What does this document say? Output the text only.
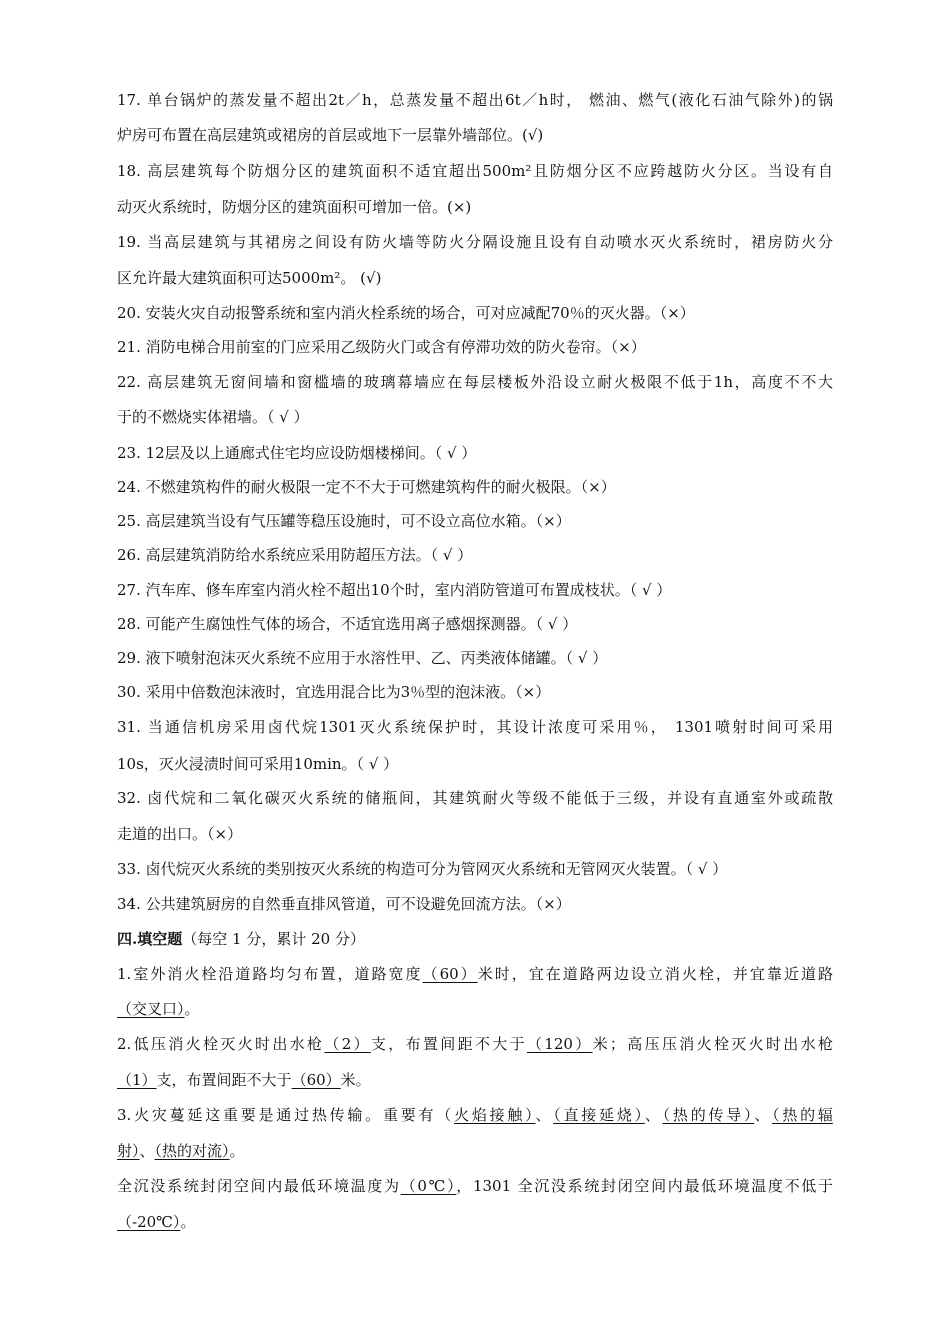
17. 单台锅炉的蒸发量不超出2t／h，总蒸发量不超出6t／h时， 燃油、燃气(液化石油气除外)的锅
炉房可布置在高层建筑或裙房的首层或地下一层靠外墙部位。(√)
18. 高层建筑每个防烟分区的建筑面积不适宜超出500m²且防烟分区不应跨越防火分区。当设有自
动灭火系统时，防烟分区的建筑面积可增加一倍。(×)
19. 当高层建筑与其裙房之间设有防火墙等防火分隔设施且设有自动喷水灭火系统时，裙房防火分
区允许最大建筑面积可达5000m²。 (√)
20. 安装火灾自动报警系统和室内消火栓系统的场合，可对应减配70％的灭火器。（×）
21. 消防电梯合用前室的门应采用乙级防火门或含有停滞功效的防火卷帘。（×）
22. 高层建筑无窗间墙和窗槛墙的玻璃幕墙应在每层楼板外沿设立耐火极限不低于1h，高度不不大
于的不燃烧实体裙墙。（ √ ）
23. 12层及以上通廊式住宅均应设防烟楼梯间。（ √ ）
24. 不燃建筑构件的耐火极限一定不不大于可燃建筑构件的耐火极限。（×）
25. 高层建筑当设有气压罐等稳压设施时，可不设立高位水箱。（×）
26. 高层建筑消防给水系统应采用防超压方法。（ √ ）
27. 汽车库、修车库室内消火栓不超出10个时，室内消防管道可布置成枝状。（ √ ）
28. 可能产生腐蚀性气体的场合，不适宜选用离子感烟探测器。（ √ ）
29. 液下喷射泡沫灭火系统不应用于水溶性甲、乙、丙类液体储罐。（ √ ）
30. 采用中倍数泡沫液时，宜选用混合比为3％型的泡沫液。（×）
31. 当通信机房采用卤代烷1301灭火系统保护时，其设计浓度可采用％， 1301喷射时间可采用
10s，灭火浸渍时间可采用10min。（ √ ）
32. 卤代烷和二氧化碳灭火系统的储瓶间，其建筑耐火等级不能低于三级，并设有直通室外或疏散
走道的出口。（×）
33. 卤代烷灭火系统的类别按灭火系统的构造可分为管网灭火系统和无管网灭火装置。（ √ ）
34. 公共建筑厨房的自然垂直排风管道，可不设避免回流方法。（×）
四.填空题（每空 1 分，累计 20 分）
1.室外消火栓沿道路均匀布置，道路宽度（60）米时，宜在道路两边设立消火栓，并宜靠近道路
（交叉口）。
2.低压消火栓灭火时出水枪（2）支，布置间距不大于（120）米；高压压消火栓灭火时出水枪
（1）支，布置间距不大于（60）米。
3.火灾蔓延这重要是通过热传输。重要有（火焰接触）、（直接延烧）、（热的传导）、（热的辐
射）、（热的对流）。
全沉没系统封闭空间内最低环境温度为（0℃），1301 全沉没系统封闭空间内最低环境温度不低于
（-20℃）。
